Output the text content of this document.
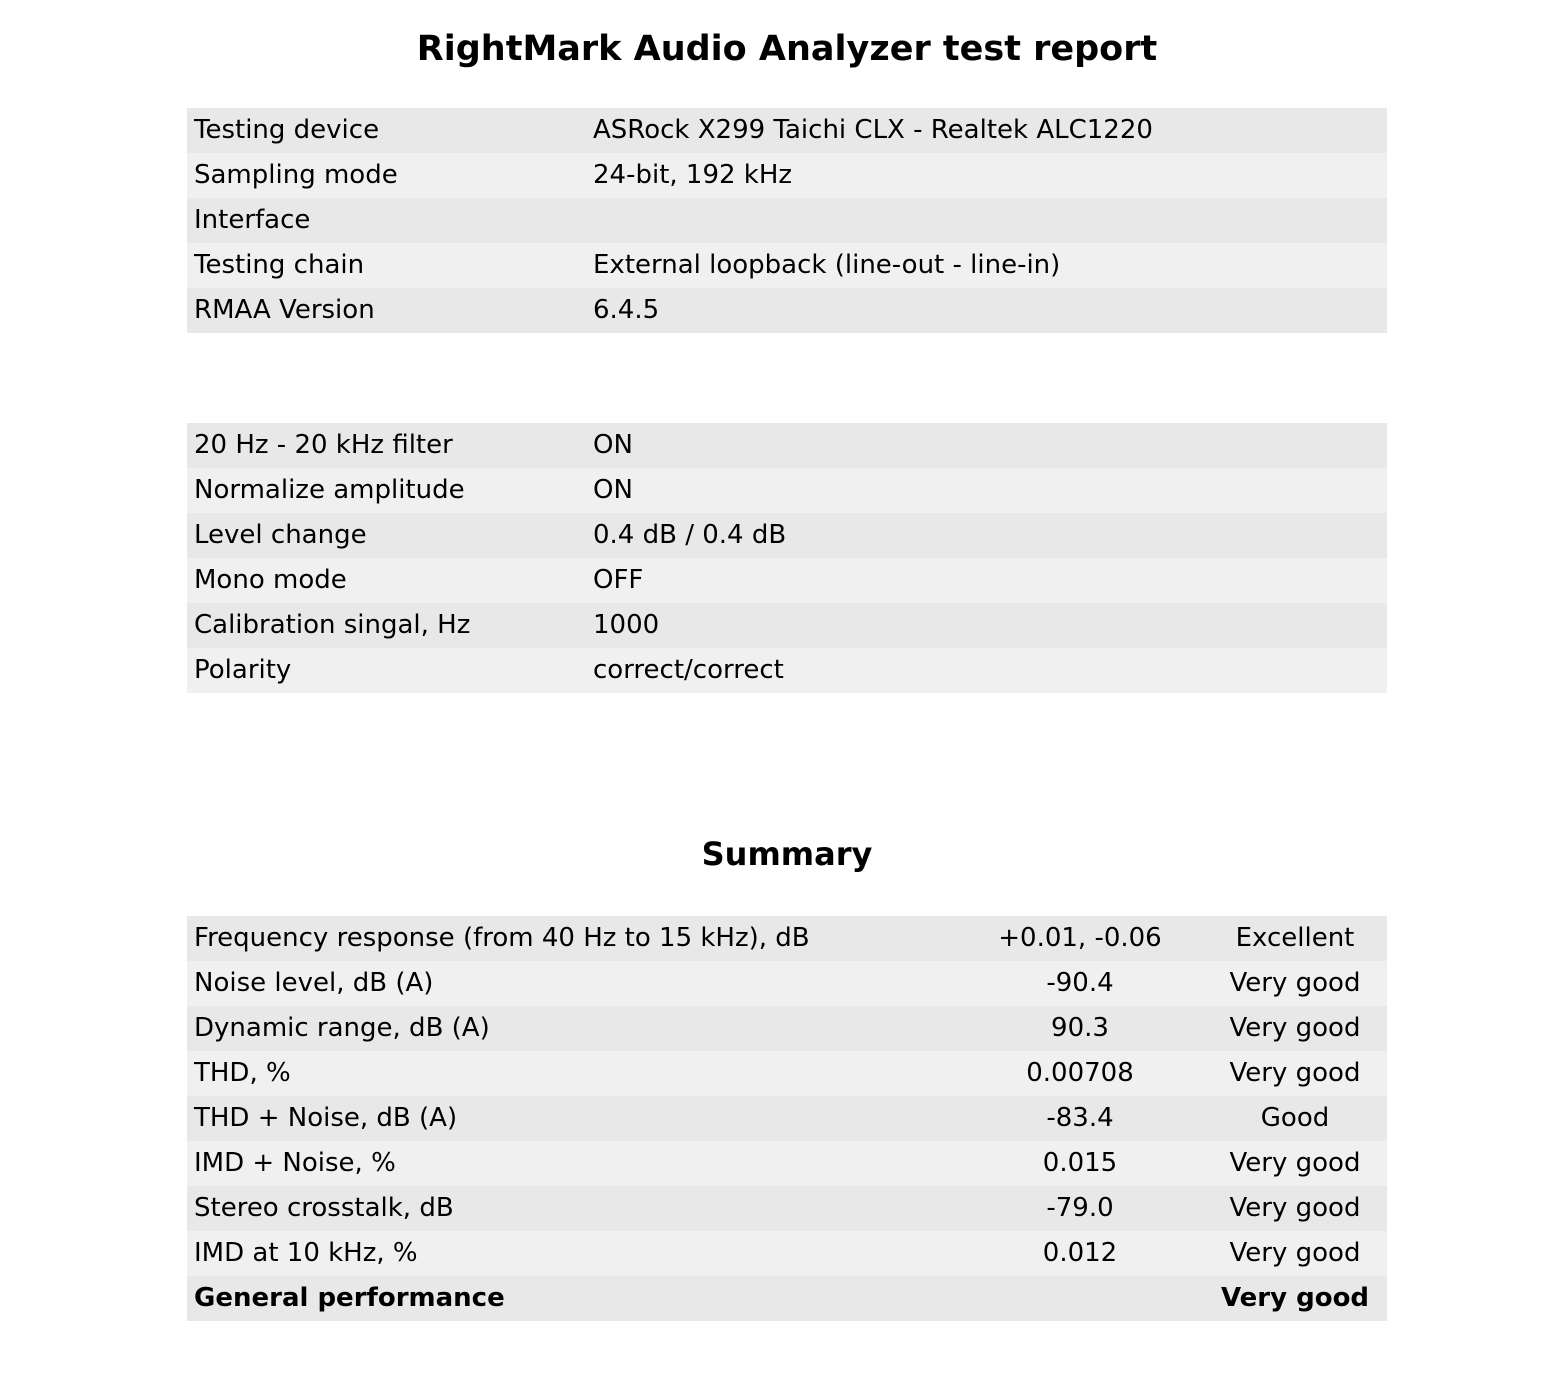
RightMark Audio Analyzer test report
Testing device	ASRock X299 Taichi CLX - Realtek ALC1220
Sampling mode	24-bit, 192 kHz
Interface	
Testing chain	External loopback (line-out - line-in)
RMAA Version	6.4.5
20 Hz - 20 kHz filter	ON
Normalize amplitude	ON
Level change	0.4 dB / 0.4 dB
Mono mode	OFF
Calibration singal, Hz	1000
Polarity	correct/correct
Summary
Frequency response (from 40 Hz to 15 kHz), dB	+0.01, -0.06	Excellent
Noise level, dB (A)	-90.4	Very good
Dynamic range, dB (A)	90.3	Very good
THD, %	0.00708	Very good
THD + Noise, dB (A)	-83.4	Good
IMD + Noise, %	0.015	Very good
Stereo crosstalk, dB	-79.0	Very good
IMD at 10 kHz, %	0.012	Very good
General performance		Very good
